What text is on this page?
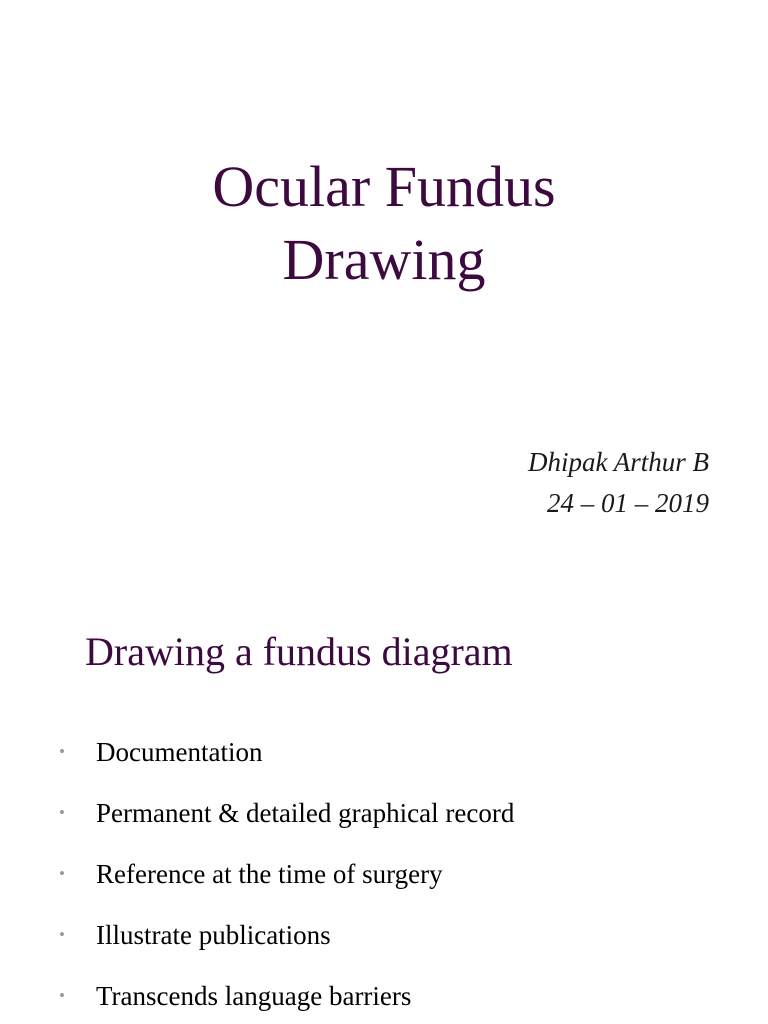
Ocular Fundus
Drawing
Dhipak Arthur B
24 – 01 – 2019
Drawing a fundus diagram
• Documentation
• Permanent & detailed graphical record
• Reference at the time of surgery
• Illustrate publications
• Transcends language barriers
